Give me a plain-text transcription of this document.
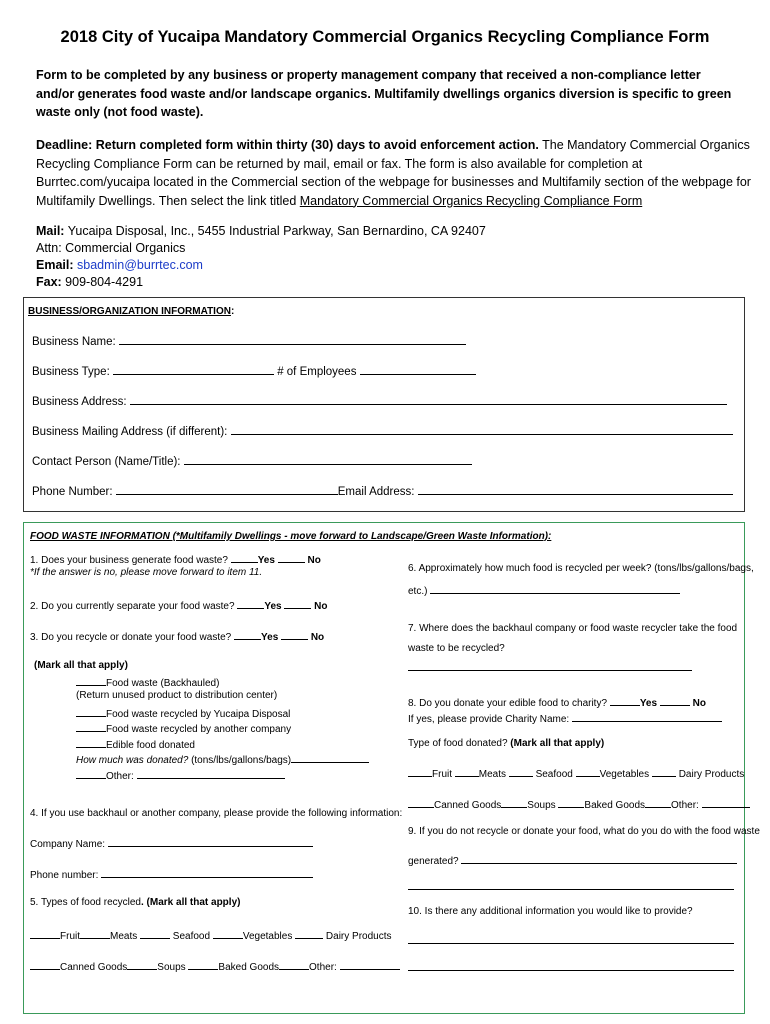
2018 City of Yucaipa Mandatory Commercial Organics Recycling Compliance Form
Form to be completed by any business or property management company that received a non-compliance letter and/or generates food waste and/or landscape organics. Multifamily dwellings organics diversion is specific to green waste only (not food waste).
Deadline: Return completed form within thirty (30) days to avoid enforcement action. The Mandatory Commercial Organics Recycling Compliance Form can be returned by mail, email or fax. The form is also available for completion at Burrtec.com/yucaipa located in the Commercial section of the webpage for businesses and Multifamily section of the webpage for Multifamily Dwellings. Then select the link titled Mandatory Commercial Organics Recycling Compliance Form
Mail: Yucaipa Disposal, Inc., 5455 Industrial Parkway, San Bernardino, CA 92407
Attn: Commercial Organics
Email: sbadmin@burrtec.com
Fax: 909-804-4291
BUSINESS/ORGANIZATION INFORMATION:
Business Name:
Business Type:	# of Employees
Business Address:
Business Mailing Address (if different):
Contact Person (Name/Title):
Phone Number:	Email Address:
FOOD WASTE INFORMATION (*Multifamily Dwellings - move forward to Landscape/Green Waste Information):
1. Does your business generate food waste?	Yes	No
*If the answer is no, please move forward to item 11.
2. Do you currently separate your food waste?	Yes	No
3. Do you recycle or donate your food waste?	Yes	No
(Mark all that apply)
Food waste (Backhauled)
(Return unused product to distribution center)
Food waste recycled by Yucaipa Disposal
Food waste recycled by another company
Edible food donated
How much was donated? (tons/lbs/gallons/bags)
Other:
4. If you use backhaul or another company, please provide the following information:
Company Name:
Phone number:
5. Types of food recycled. (Mark all that apply)
Fruit	Meats	Seafood	Vegetables	Dairy Products
Canned Goods	Soups	Baked Goods	Other:
6. Approximately how much food is recycled per week? (tons/lbs/gallons/bags,
etc.)
7. Where does the backhaul company or food waste recycler take the food
waste to be recycled?
8. Do you donate your edible food to charity?	Yes	No
If yes, please provide Charity Name:
Type of food donated? (Mark all that apply)
Fruit	Meats	Seafood	Vegetables	Dairy Products
Canned Goods	Soups	Baked Goods	Other:
9. If you do not recycle or donate your food, what do you do with the food waste
generated?
10. Is there any additional information you would like to provide?
